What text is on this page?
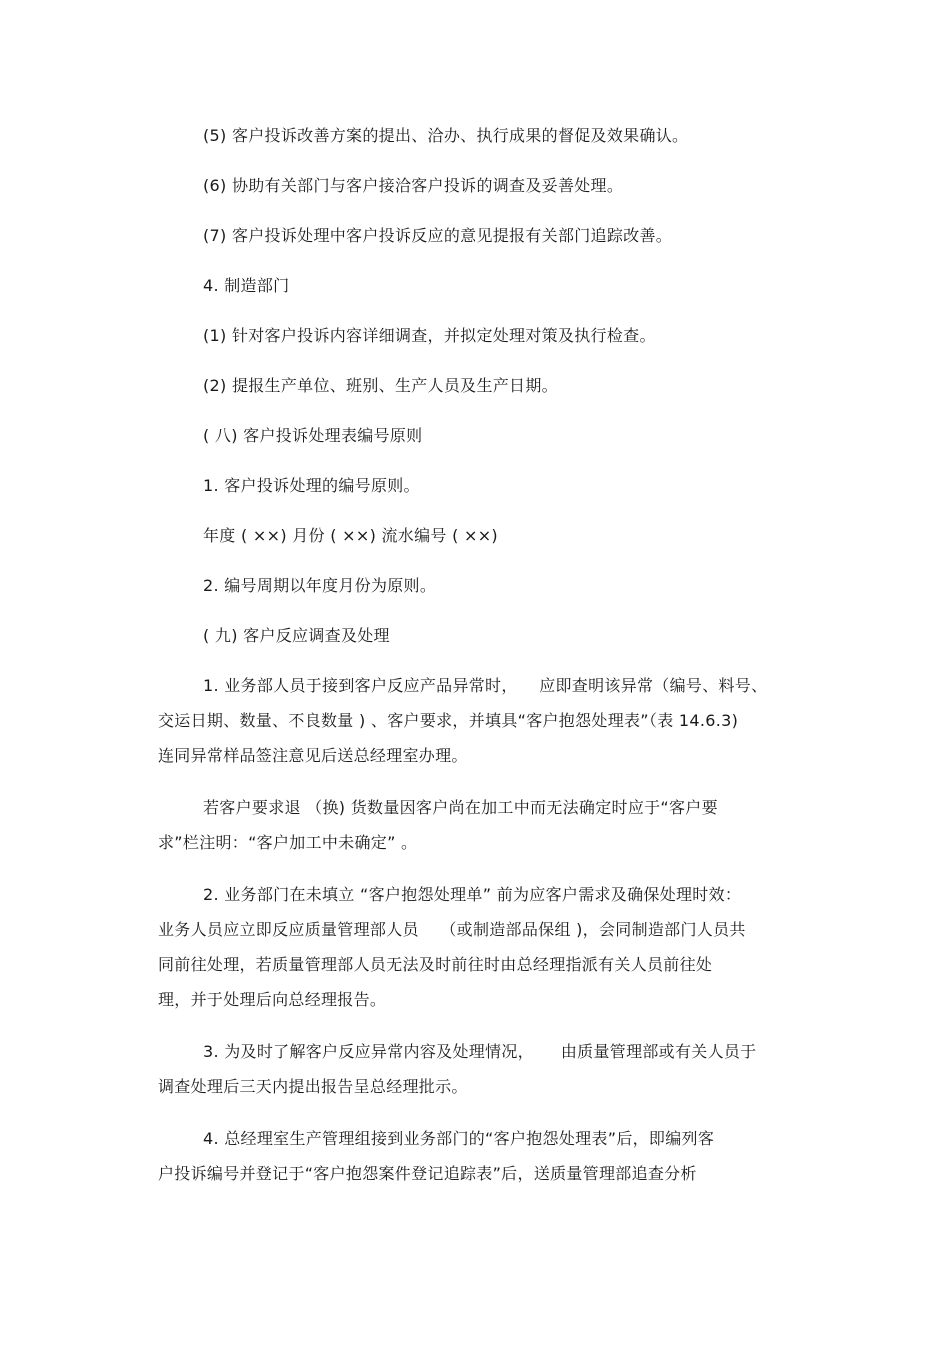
(5) 客户投诉改善方案的提出、洽办、执行成果的督促及效果确认。
(6) 协助有关部门与客户接洽客户投诉的调查及妥善处理。
(7) 客户投诉处理中客户投诉反应的意见提报有关部门追踪改善。
4. 制造部门
(1) 针对客户投诉内容详细调查，并拟定处理对策及执行检查。
(2) 提报生产单位、班别、生产人员及生产日期。
( 八) 客户投诉处理表编号原则
1. 客户投诉处理的编号原则。
年度 ( ××) 月份 ( ××) 流水编号 ( ××)
2. 编号周期以年度月份为原则。
( 九) 客户反应调查及处理
1. 业务部人员于接到客户反应产品异常时，    应即查明该异常（编号、料号、
交运日期、数量、不良数量 ) 、客户要求，并填具“客户抱怨处理表”（表 14.6.3)
连同异常样品签注意见后送总经理室办理。
若客户要求退 （换) 货数量因客户尚在加工中而无法确定时应于“客户要
求”栏注明：“客户加工中未确定” 。
2. 业务部门在未填立 “客户抱怨处理单” 前为应客户需求及确保处理时效：
业务人员应立即反应质量管理部人员    （或制造部品保组 )，会同制造部门人员共
同前往处理，若质量管理部人员无法及时前往时由总经理指派有关人员前往处
理，并于处理后向总经理报告。
3. 为及时了解客户反应异常内容及处理情况，     由质量管理部或有关人员于
调查处理后三天内提出报告呈总经理批示。
4. 总经理室生产管理组接到业务部门的“客户抱怨处理表”后，即编列客
户投诉编号并登记于“客户抱怨案件登记追踪表”后，送质量管理部追查分析
